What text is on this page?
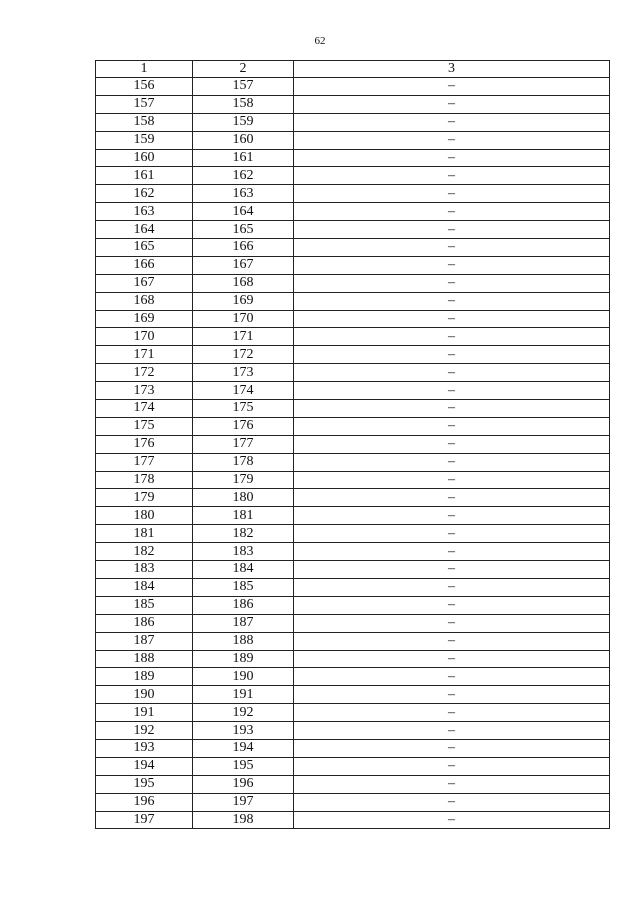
62
1	2	3
156	157	–
157	158	–
158	159	–
159	160	–
160	161	–
161	162	–
162	163	–
163	164	–
164	165	–
165	166	–
166	167	–
167	168	–
168	169	–
169	170	–
170	171	–
171	172	–
172	173	–
173	174	–
174	175	–
175	176	–
176	177	–
177	178	–
178	179	–
179	180	–
180	181	–
181	182	–
182	183	–
183	184	–
184	185	–
185	186	–
186	187	–
187	188	–
188	189	–
189	190	–
190	191	–
191	192	–
192	193	–
193	194	–
194	195	–
195	196	–
196	197	–
197	198	–
